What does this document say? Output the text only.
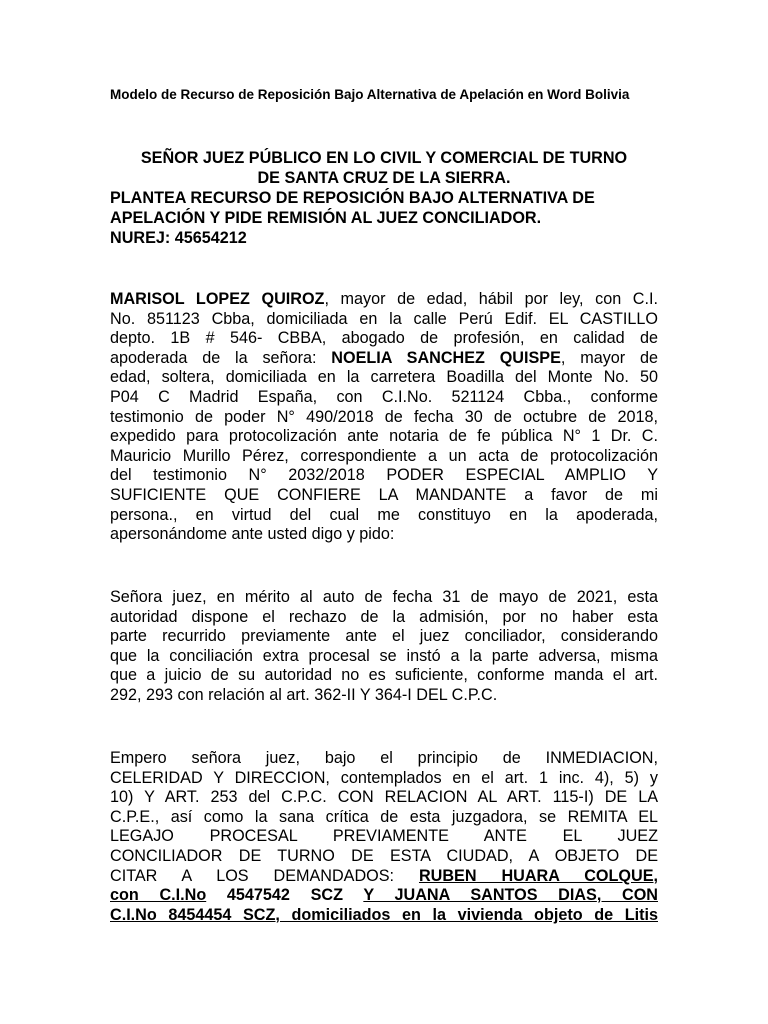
Modelo de Recurso de Reposición Bajo Alternativa de Apelación en Word Bolivia
SEÑOR JUEZ PÚBLICO EN LO CIVIL Y COMERCIAL DE TURNO
DE SANTA CRUZ DE LA SIERRA.
PLANTEA RECURSO DE REPOSICIÓN BAJO ALTERNATIVA DE
APELACIÓN Y PIDE REMISIÓN AL JUEZ CONCILIADOR.
NUREJ: 45654212
MARISOL LOPEZ QUIROZ, mayor de edad, hábil por ley, con C.I.
No. 851123 Cbba, domiciliada en la calle Perú Edif. EL CASTILLO
depto. 1B # 546- CBBA, abogado de profesión, en calidad de
apoderada de la señora: NOELIA SANCHEZ QUISPE, mayor de
edad, soltera, domiciliada en la carretera Boadilla del Monte No. 50
P04 C Madrid España, con C.I.No. 521124 Cbba., conforme
testimonio de poder N° 490/2018 de fecha 30 de octubre de 2018,
expedido para protocolización ante notaria de fe pública N° 1 Dr. C.
Mauricio Murillo Pérez, correspondiente a un acta de protocolización
del testimonio N° 2032/2018 PODER ESPECIAL AMPLIO Y
SUFICIENTE QUE CONFIERE LA MANDANTE a favor de mi
persona., en virtud del cual me constituyo en la apoderada,
apersonándome ante usted digo y pido:
Señora juez, en mérito al auto de fecha 31 de mayo de 2021, esta
autoridad dispone el rechazo de la admisión, por no haber esta
parte recurrido previamente ante el juez conciliador, considerando
que la conciliación extra procesal se instó a la parte adversa, misma
que a juicio de su autoridad no es suficiente, conforme manda el art.
292, 293 con relación al art. 362-II Y 364-I DEL C.P.C.
Empero señora juez, bajo el principio de INMEDIACION,
CELERIDAD Y DIRECCION, contemplados en el art. 1 inc. 4), 5) y
10) Y ART. 253 del C.P.C. CON RELACION AL ART. 115-I) DE LA
C.P.E., así como la sana crítica de esta juzgadora, se REMITA EL
LEGAJO PROCESAL PREVIAMENTE ANTE EL JUEZ
CONCILIADOR DE TURNO DE ESTA CIUDAD, A OBJETO DE
CITAR A LOS DEMANDADOS: RUBEN HUARA COLQUE,
con C.I.No 4547542 SCZ Y JUANA SANTOS DIAS, CON
C.I.No 8454454 SCZ, domiciliados en la vivienda objeto de Litis
